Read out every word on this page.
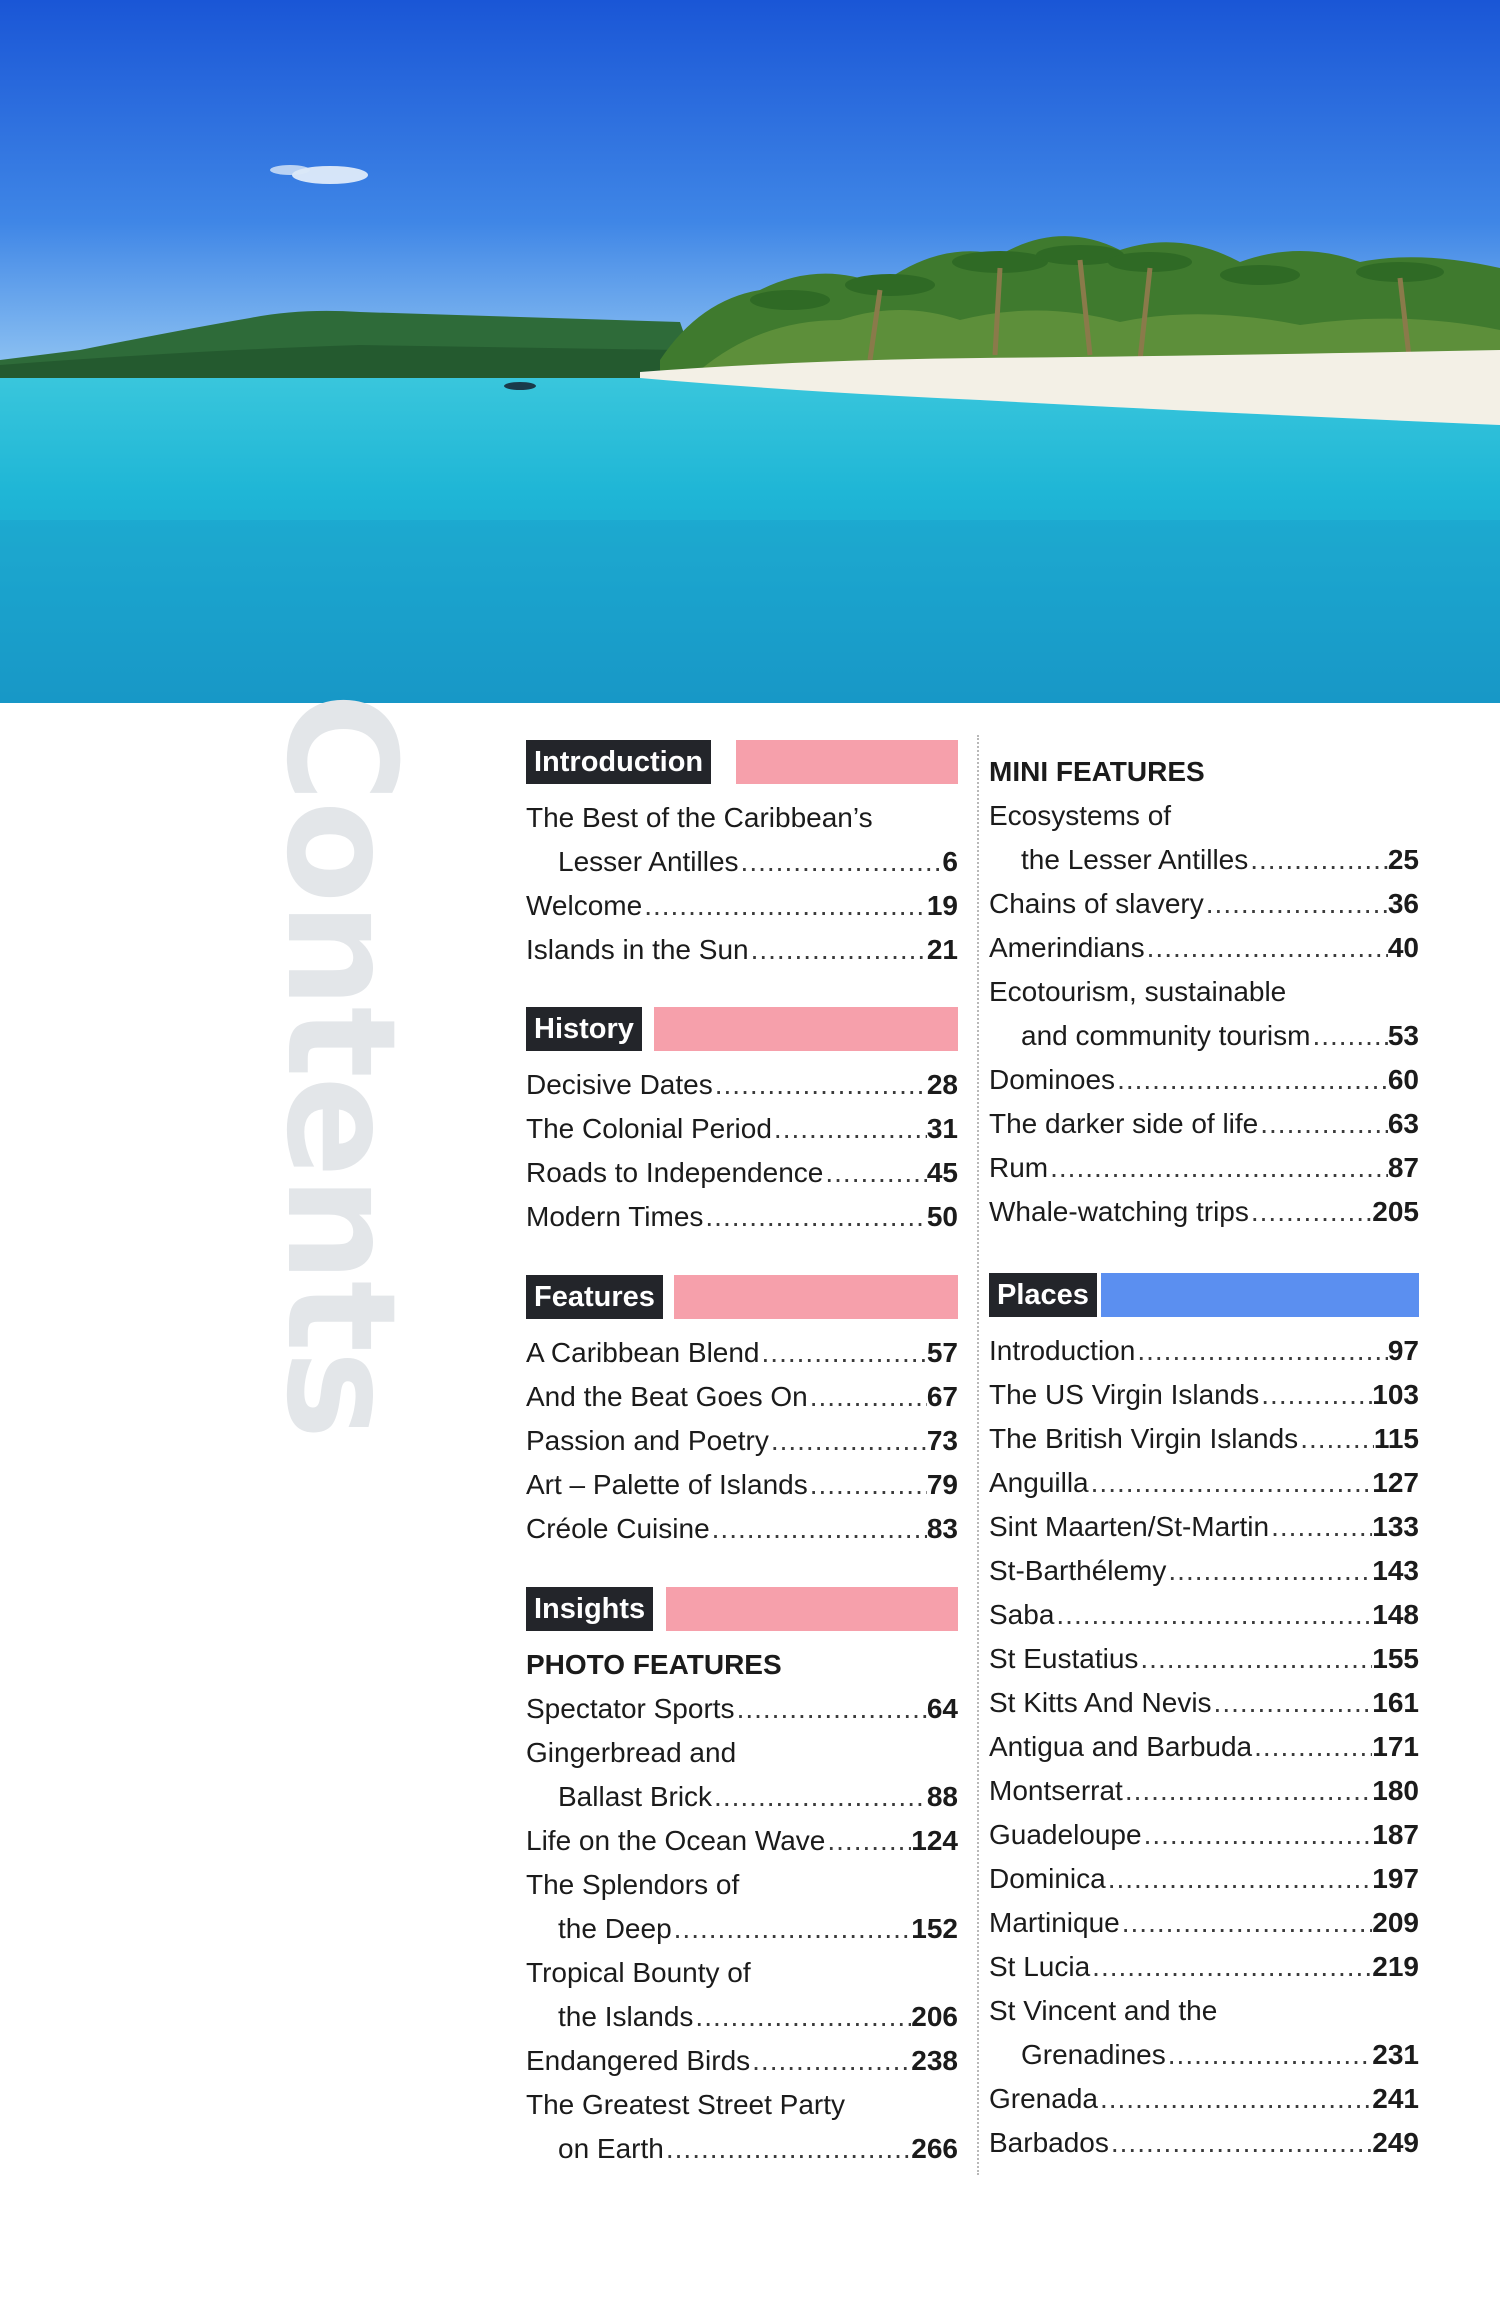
Contents	Introduction
The Best of the Caribbean’s
Lesser Antilles .....	6
Welcome .....	19
Islands in the Sun .....	21
History
Decisive Dates .....	28
The Colonial Period .....	31
Roads to Independence .....	45
Modern Times .....	50
Features
A Caribbean Blend .....	57
And the Beat Goes On .....	67
Passion and Poetry .....	73
Art – Palette of Islands .....	79
Créole Cuisine .....	83
Insights
PHOTO FEATURES
Spectator Sports .....	64
Gingerbread and
Ballast Brick .....	88
Life on the Ocean Wave .....	124
The Splendors of
the Deep .....	152
Tropical Bounty of
the Islands .....	206
Endangered Birds .....	238
The Greatest Street Party
on Earth .....	266
MINI FEATURES
Ecosystems of
the Lesser Antilles .....	25
Chains of slavery .....	36
Amerindians .....	40
Ecotourism, sustainable
and community tourism .....	53
Dominoes .....	60
The darker side of life .....	63
Rum .....	87
Whale-watching trips .....	205
Places
Introduction .....	97
The US Virgin Islands .....	103
The British Virgin Islands .....	115
Anguilla .....	127
Sint Maarten/St-Martin .....	133
St-Barthélemy .....	143
Saba .....	148
St Eustatius .....	155
St Kitts And Nevis .....	161
Antigua and Barbuda .....	171
Montserrat .....	180
Guadeloupe .....	187
Dominica .....	197
Martinique .....	209
St Lucia .....	219
St Vincent and the
Grenadines .....	231
Grenada .....	241
Barbados .....	249
